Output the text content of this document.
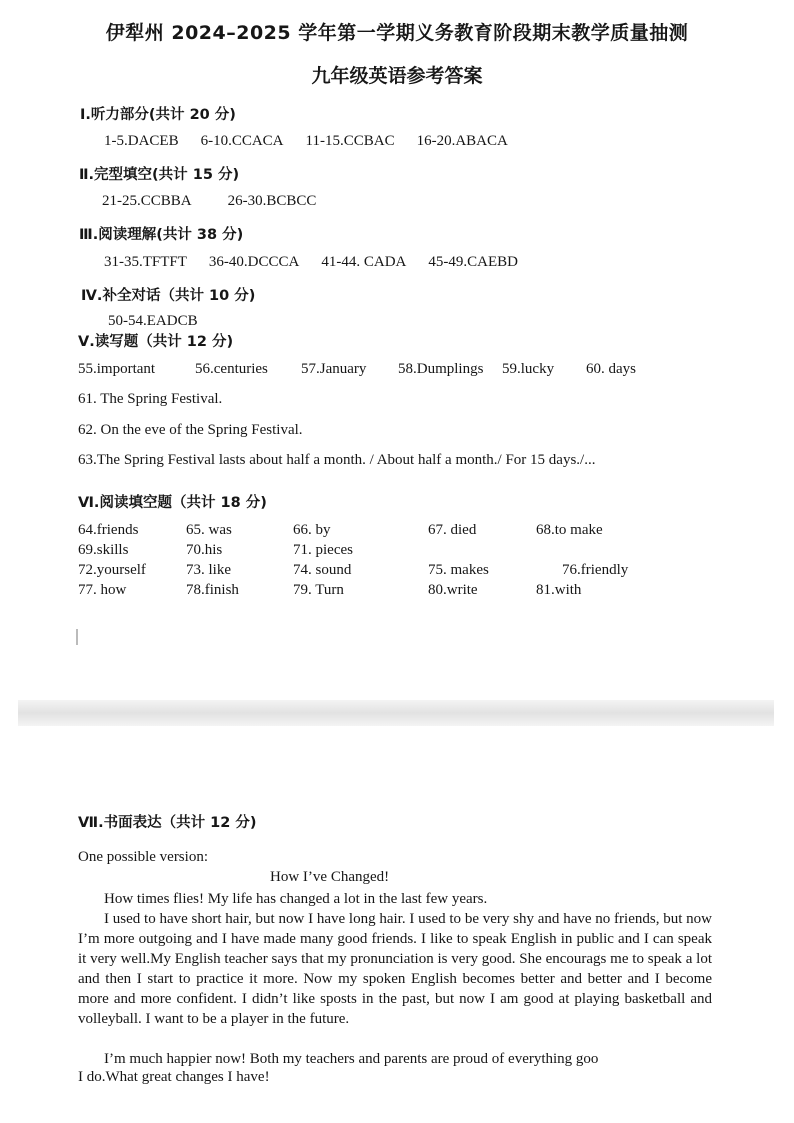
伊犁州 2024–2025 学年第一学期义务教育阶段期末教学质量抽测
九年级英语参考答案
Ⅰ.听力部分(共计 20 分)
1-5.DACEB 6-10.CCACA 11-15.CCBAC 16-20.ABACA
Ⅱ.完型填空(共计 15 分)
21-25.CCBBA 26-30.BCBCC
Ⅲ.阅读理解(共计 38 分)
31-35.TFTFT 36-40.DCCCA 41-44. CADA 45-49.CAEBD
Ⅳ.补全对话（共计 10 分)
50-54.EADCB
Ⅴ.读写题（共计 12 分)
55.important	56.centuries 57.January 58.Dumplings 59.lucky 60. days
61. The Spring Festival.
62. On the eve of the Spring Festival.
63.The Spring Festival lasts about half a month. / About half a month./ For 15 days./...
Ⅵ.阅读填空题（共计 18 分)
64.friends	65. was	66. by	67. died	68.to make
69.skills	70.his	71. pieces
72.yourself	73. like	74. sound	75. makes	76.friendly
77. how	78.finish	79. Turn	80.write	81.with
Ⅶ.书面表达（共计 12 分)
One possible version:
How I’ve Changed!

How times flies! My life has changed a lot in the last few years.

I used to have short hair, but now I have long hair. I used to be very shy and have no friends, but now I’m more outgoing and I have made many good friends. I like to speak English in public and I can speak it very well.My English teacher says that my pronunciation is very good. She encourags me to speak a lot and then I start to practice it more. Now my spoken English becomes better and better and I become more and more confident. I didn’t like sposts in the past, but now I am good at playing basketball and volleyball. I want to be a player in the future.

I’m much happier now! Both my teachers and parents are proud of everything goo

I do.What great changes I have!
